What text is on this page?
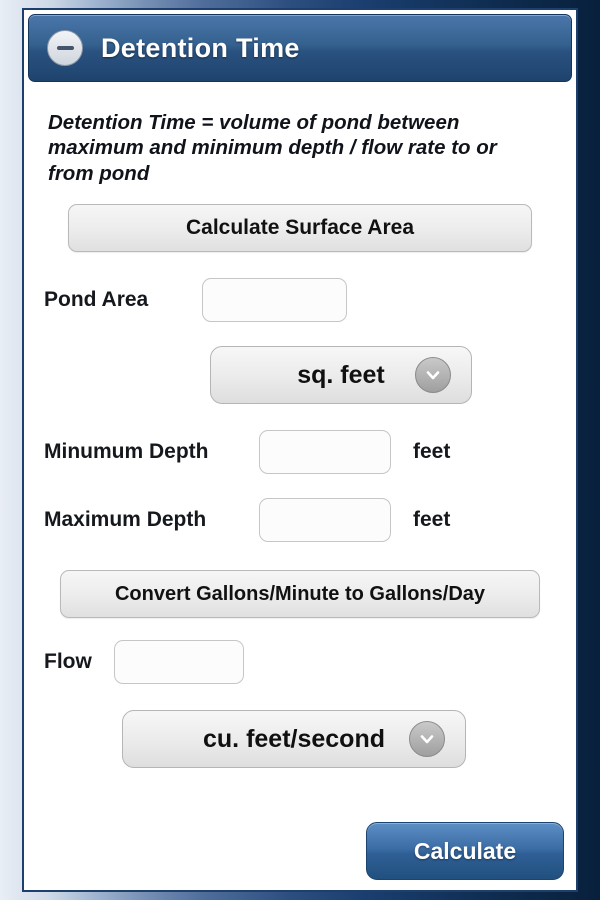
Detention Time
Detention Time = volume of pond between maximum and minimum depth / flow rate to or from pond
Calculate Surface Area
Pond Area
sq. feet
Minumum Depth	feet
Maximum Depth	feet
Convert Gallons/Minute to Gallons/Day
Flow
cu. feet/second
Calculate
